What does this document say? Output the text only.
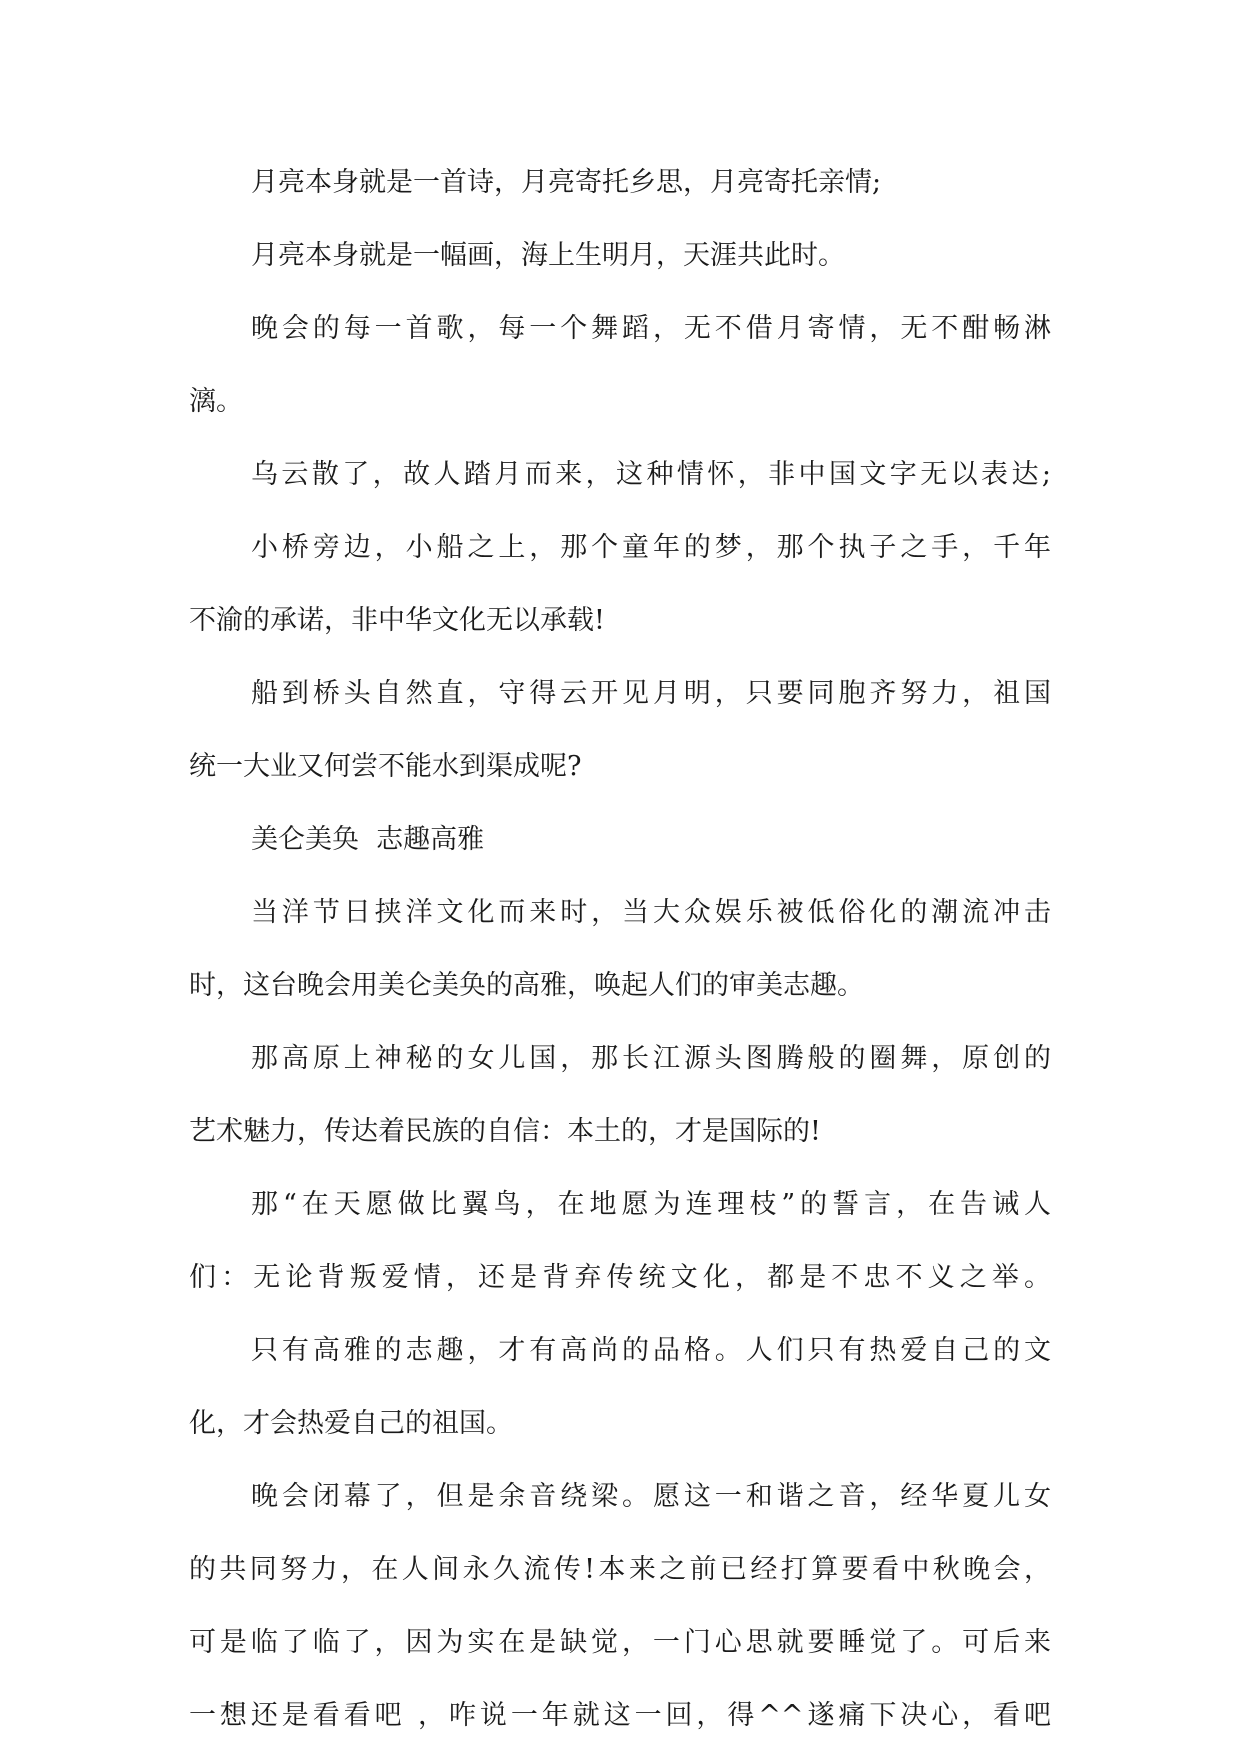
月亮本身就是一首诗，月亮寄托乡思，月亮寄托亲情;

月亮本身就是一幅画，海上生明月，天涯共此时。

晚会的每一首歌，每一个舞蹈，无不借月寄情，无不酣畅淋

漓。

乌云散了，故人踏月而来，这种情怀，非中国文字无以表达;

小桥旁边，小船之上，那个童年的梦，那个执子之手，千年

不渝的承诺，非中华文化无以承载!

船到桥头自然直，守得云开见月明，只要同胞齐努力，祖国

统一大业又何尝不能水到渠成呢?

美仑美奂  志趣高雅

当洋节日挟洋文化而来时，当大众娱乐被低俗化的潮流冲击

时，这台晚会用美仑美奂的高雅，唤起人们的审美志趣。

那高原上神秘的女儿国，那长江源头图腾般的圈舞，原创的

艺术魅力，传达着民族的自信：本土的，才是国际的!

那“在天愿做比翼鸟，在地愿为连理枝”的誓言，在告诫人

们：无论背叛爱情，还是背弃传统文化，都是不忠不义之举。

只有高雅的志趣，才有高尚的品格。人们只有热爱自己的文

化，才会热爱自己的祖国。

晚会闭幕了，但是余音绕梁。愿这一和谐之音，经华夏儿女

的共同努力，在人间永久流传!本来之前已经打算要看中秋晚会，

可是临了临了，因为实在是缺觉，一门心思就要睡觉了。可后来

一想还是看看吧 ，咋说一年就这一回，得^^遂痛下决心，看吧
